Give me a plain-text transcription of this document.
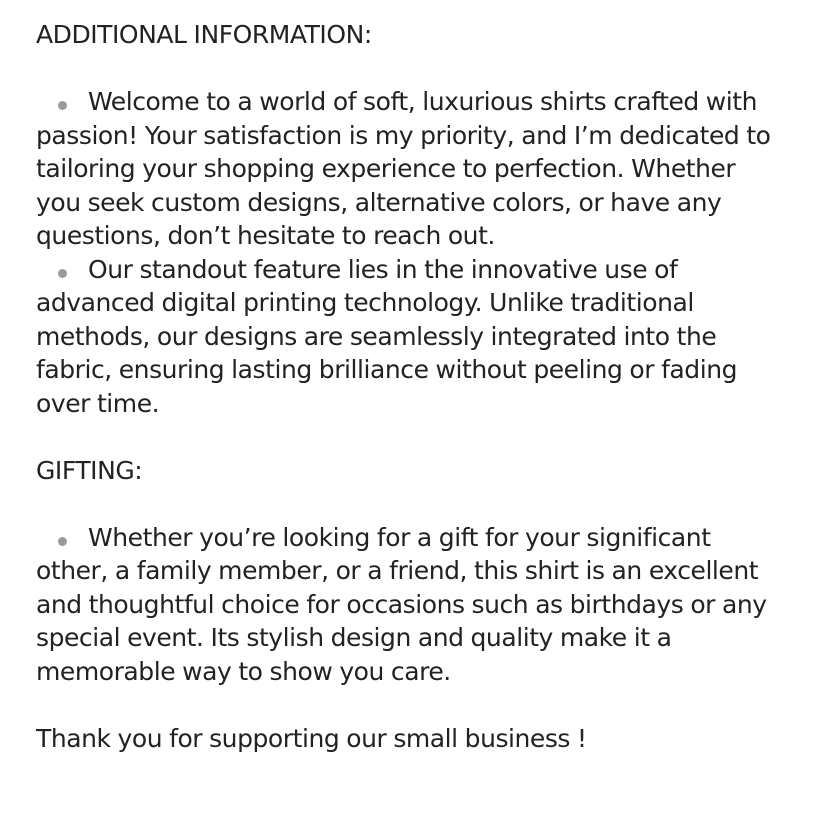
ADDITIONAL INFORMATION:

Welcome to a world of soft, luxurious shirts crafted with passion! Your satisfaction is my priority, and I’m dedicated to tailoring your shopping experience to perfection. Whether you seek custom designs, alternative colors, or have any questions, don’t hesitate to reach out.

Our standout feature lies in the innovative use of advanced digital printing technology. Unlike traditional methods, our designs are seamlessly integrated into the fabric, ensuring lasting brilliance without peeling or fading over time.

GIFTING:

Whether you’re looking for a gift for your significant other, a family member, or a friend, this shirt is an excellent and thoughtful choice for occasions such as birthdays or any special event. Its stylish design and quality make it a memorable way to show you care.

Thank you for supporting our small business !
